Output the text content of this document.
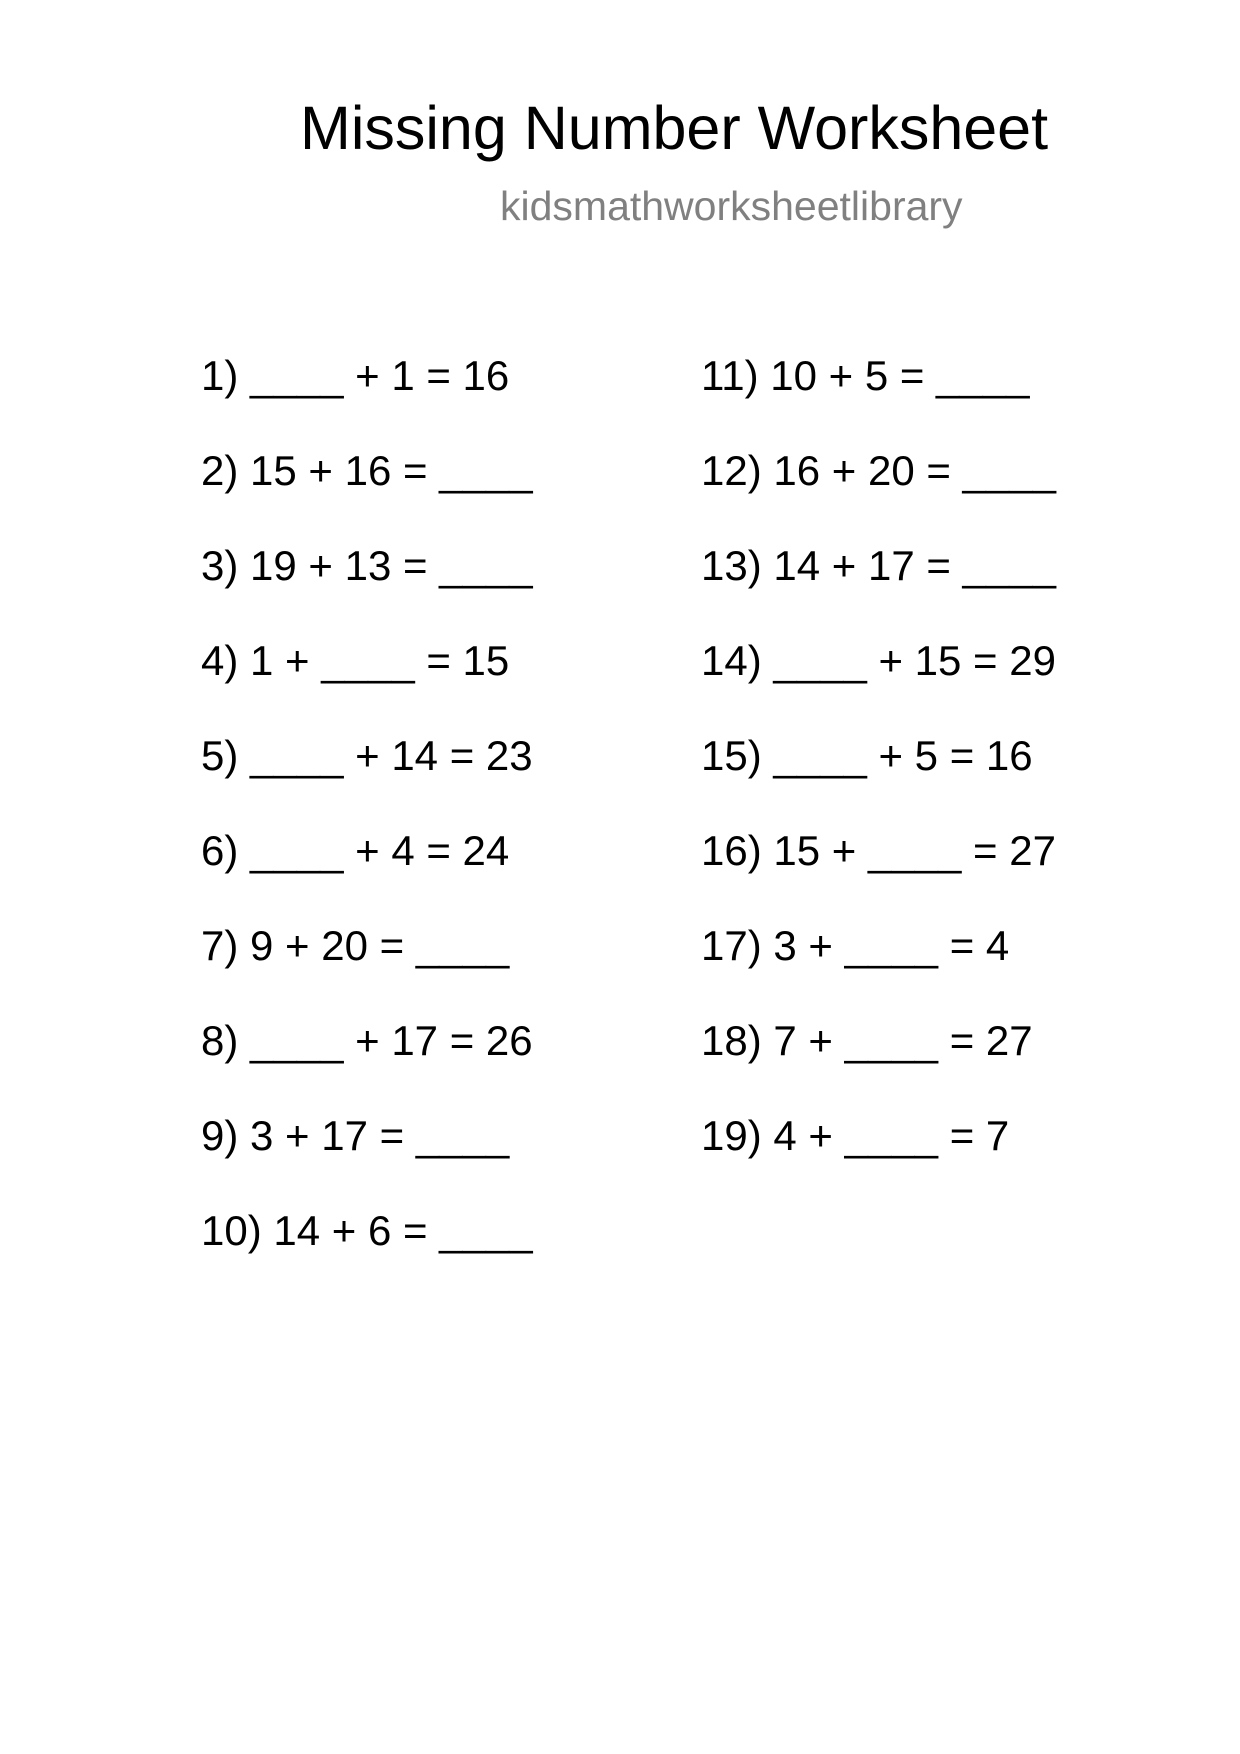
Missing Number Worksheet
kidsmathworksheetlibrary
1) ____ + 1 = 16
2) 15 + 16 = ____
3) 19 + 13 = ____
4) 1 + ____ = 15
5) ____ + 14 = 23
6) ____ + 4 = 24
7) 9 + 20 = ____
8) ____ + 17 = 26
9) 3 + 17 = ____
10) 14 + 6 = ____
11) 10 + 5 = ____
12) 16 + 20 = ____
13) 14 + 17 = ____
14) ____ + 15 = 29
15) ____ + 5 = 16
16) 15 + ____ = 27
17) 3 + ____ = 4
18) 7 + ____ = 27
19) 4 + ____ = 7
